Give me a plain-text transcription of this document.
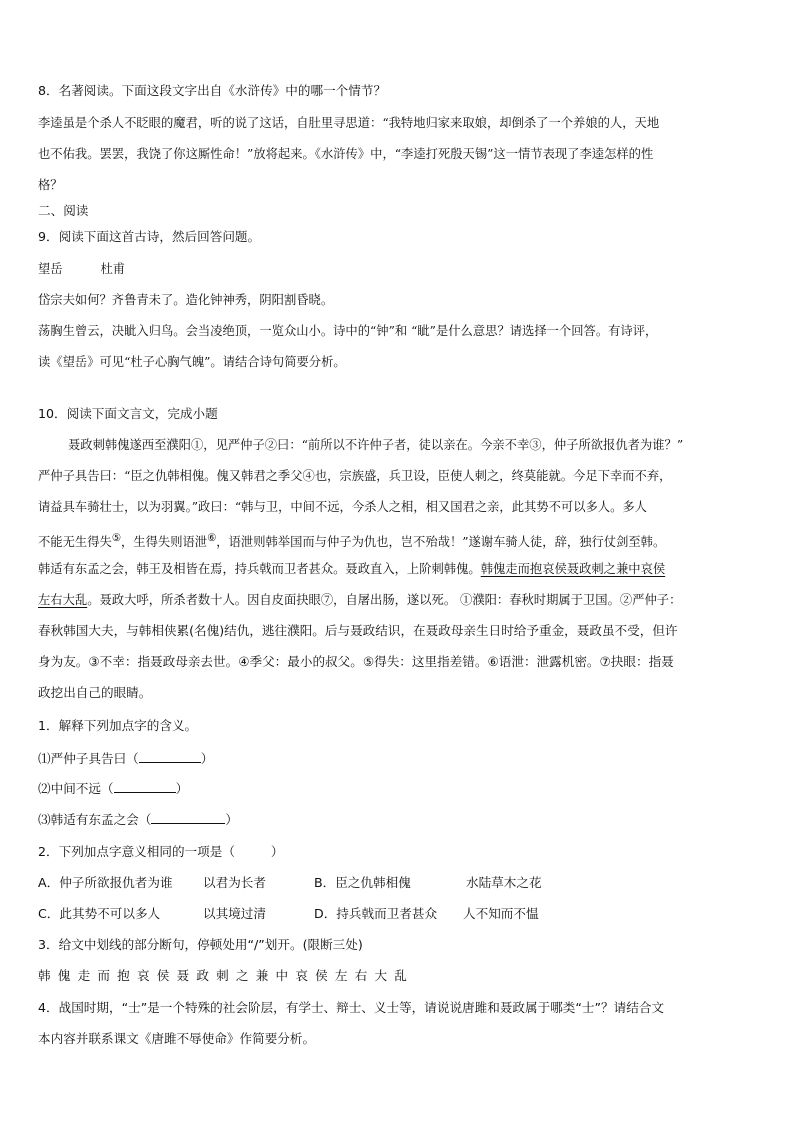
8．名著阅读。下面这段文字出自《水浒传》中的哪一个情节？
李逵虽是个杀人不眨眼的魔君，听的说了这话，自肚里寻思道：“我特地归家来取娘，却倒杀了一个养娘的人，天地
也不佑我。罢罢，我饶了你这厮性命！”放将起来。《水浒传》中，“李逵打死殷天锡”这一情节表现了李逵怎样的性
格？
二、阅读
9．阅读下面这首古诗，然后回答问题。
望岳	杜甫
岱宗夫如何？齐鲁青未了。造化钟神秀，阴阳割昏晓。
荡胸生曾云，决眦入归鸟。会当凌绝顶，一览众山小。诗中的“钟”和 “眦”是什么意思？请选择一个回答。有诗评，
读《望岳》可见“杜子心胸气魄”。请结合诗句简要分析。
10．阅读下面文言文，完成小题
聂政刺韩傀遂西至濮阳①，见严仲子②曰：“前所以不许仲子者，徒以亲在。今亲不幸③，仲子所欲报仇者为谁？”
严仲子具告曰：“臣之仇韩相傀。傀又韩君之季父④也，宗族盛，兵卫设，臣使人刺之，终莫能就。今足下幸而不弃，
请益具车骑壮士，以为羽翼。”政曰：“韩与卫，中间不远，今杀人之相，相又国君之亲，此其势不可以多人。多人
不能无生得失⑤，生得失则语泄⑥，语泄则韩举国而与仲子为仇也，岂不殆哉！”遂谢车骑人徒，辞，独行仗剑至韩。
韩适有东孟之会，韩王及相皆在焉，持兵戟而卫者甚众。聂政直入，上阶刺韩傀。韩傀走而抱哀侯聂政刺之兼中哀侯
左右大乱。聂政大呼，所杀者数十人。因自皮面抉眼⑦，自屠出肠，遂以死。 ①濮阳：春秋时期属于卫国。②严仲子：
春秋韩国大夫，与韩相侠累(名傀)结仇，逃往濮阳。后与聂政结识，在聂政母亲生日时给予重金，聂政虽不受，但许
身为友。③不幸：指聂政母亲去世。④季父：最小的叔父。⑤得失：这里指差错。⑥语泄：泄露机密。⑦抉眼：指聂
政挖出自己的眼睛。
1．解释下列加点字的含义。
⑴严仲子具告曰（	）
⑵中间不远（	）
⑶韩适有东孟之会（	）
2．下列加点字意义相同的一项是（	）
A．仲子所欲报仇者为谁 以君为长者	B．臣之仇韩相傀	水陆草木之花
C．此其势不可以多人	以其境过清	D．持兵戟而卫者甚众 人不知而不愠
3．给文中划线的部分断句，停顿处用“/”划开。(限断三处)
韩傀走而抱哀侯聂政刺之兼中哀侯左右大乱
4．战国时期，“士”是一个特殊的社会阶层，有学士、辩士、义士等，请说说唐雎和聂政属于哪类“士”？请结合文
本内容并联系课文《唐雎不辱使命》作简要分析。
